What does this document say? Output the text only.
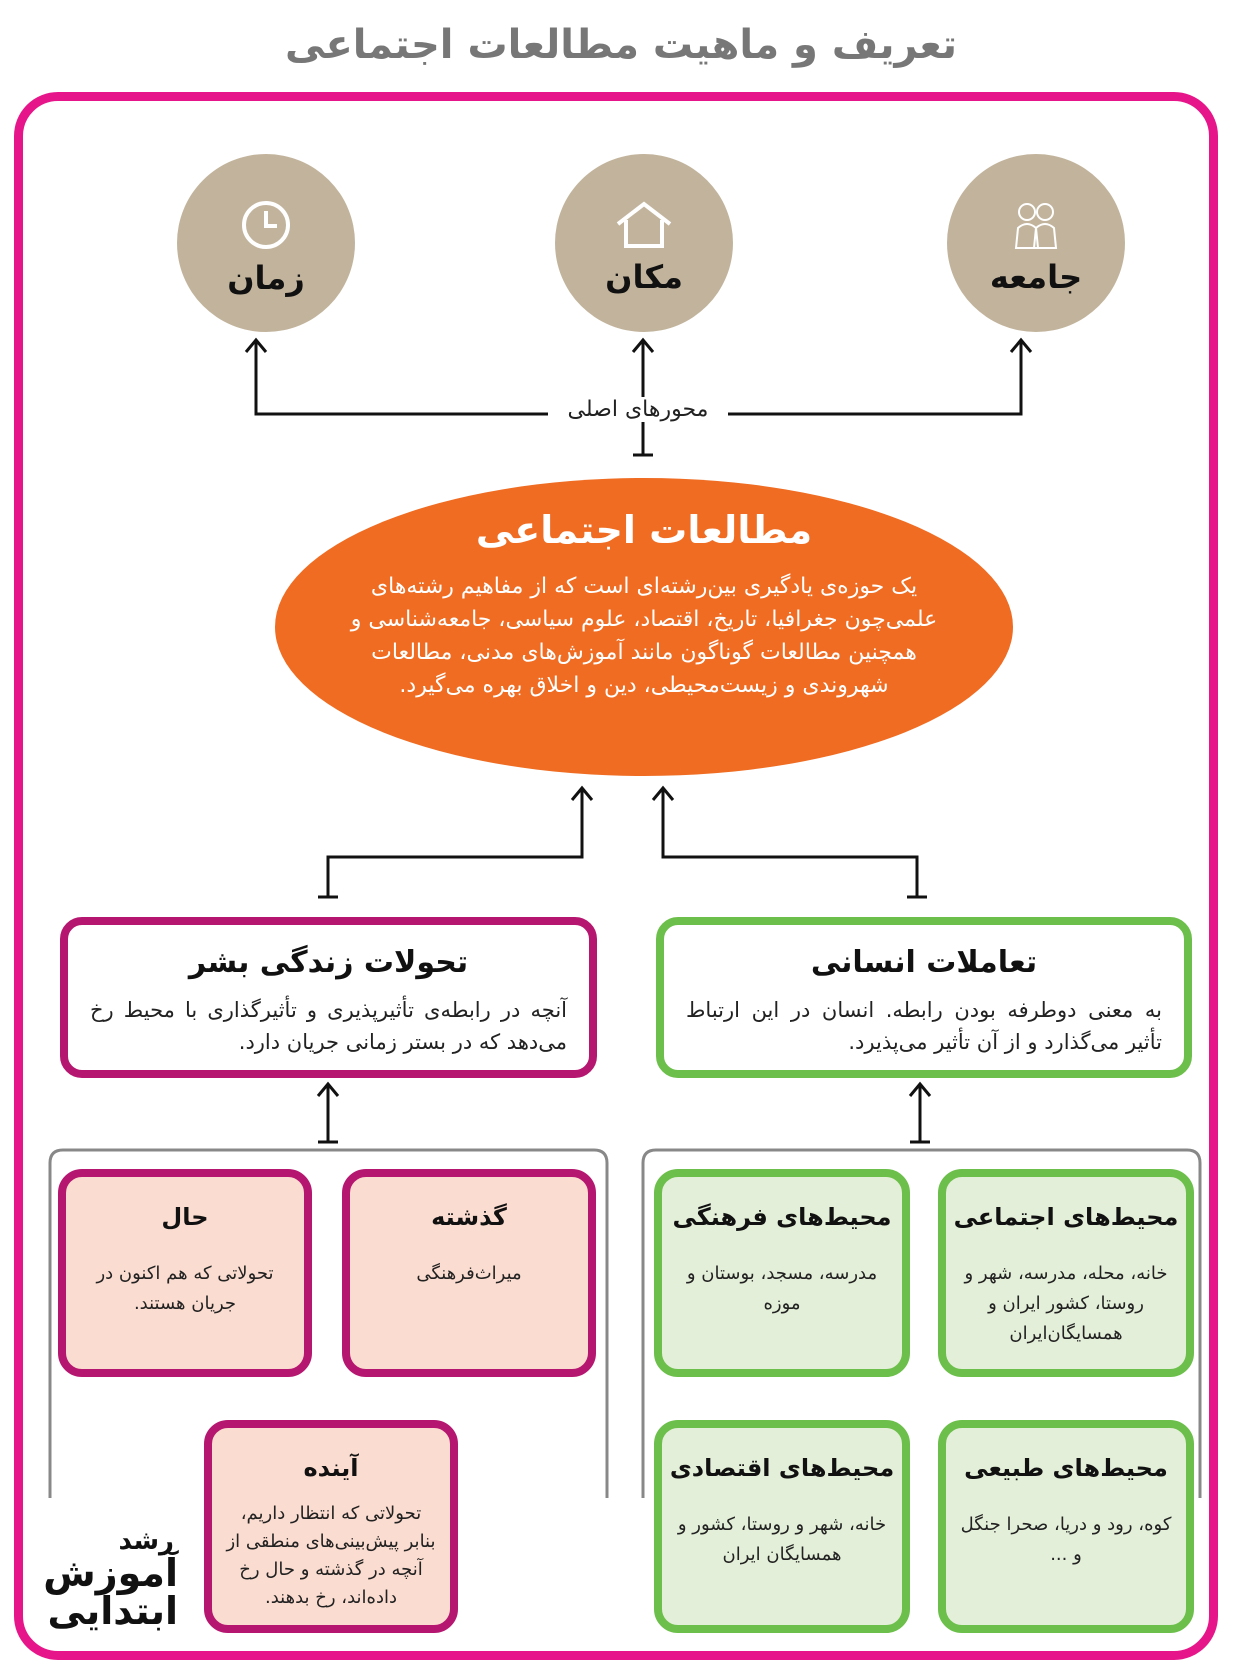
تعریف و ماهیت مطالعات اجتماعی
جامعه
مکان
زمان
محورهای اصلی
مطالعات اجتماعی
یک حوزه‌ی یادگیری بین‌رشته‌ای است که از مفاهیم رشته‌های
علمی‌چون جغرافیا، تاریخ، اقتصاد، علوم سیاسی، جامعه‌شناسی و
همچنین مطالعات گوناگون مانند آموزش‌های مدنی، مطالعات
شهروندی و زیست‌محیطی، دین و اخلاق بهره می‌گیرد.
تعاملات انسانی
به معنی دوطرفه بودن رابطه. انسان در این ارتباط تأثیر می‌گذارد و از آن تأثیر می‌پذیرد.
تحولات زندگی بشر
آنچه در رابطه‌ی تأثیرپذیری و تأثیرگذاری با محیط رخ می‌دهد که در بستر زمانی جریان دارد.
محیط‌های اجتماعی
خانه، محله، مدرسه، شهر و روستا، کشور ایران و همسایگان‌ایران
محیط‌های فرهنگی
مدرسه، مسجد، بوستان و موزه
محیط‌های طبیعی
کوه، رود و دریا، صحرا جنگل و ...
محیط‌های اقتصادی
خانه، شهر و روستا، کشور و همسایگان ایران
گذشته
میراث‌فرهنگی
حال
تحولاتی که هم اکنون در جریان هستند.
آینده
تحولاتی که انتظار داریم، بنابر پیش‌بینی‌های منطقی از آنچه در گذشته و حال رخ داده‌اند، رخ بدهند.
رشد
آموزش
ابتدایی
